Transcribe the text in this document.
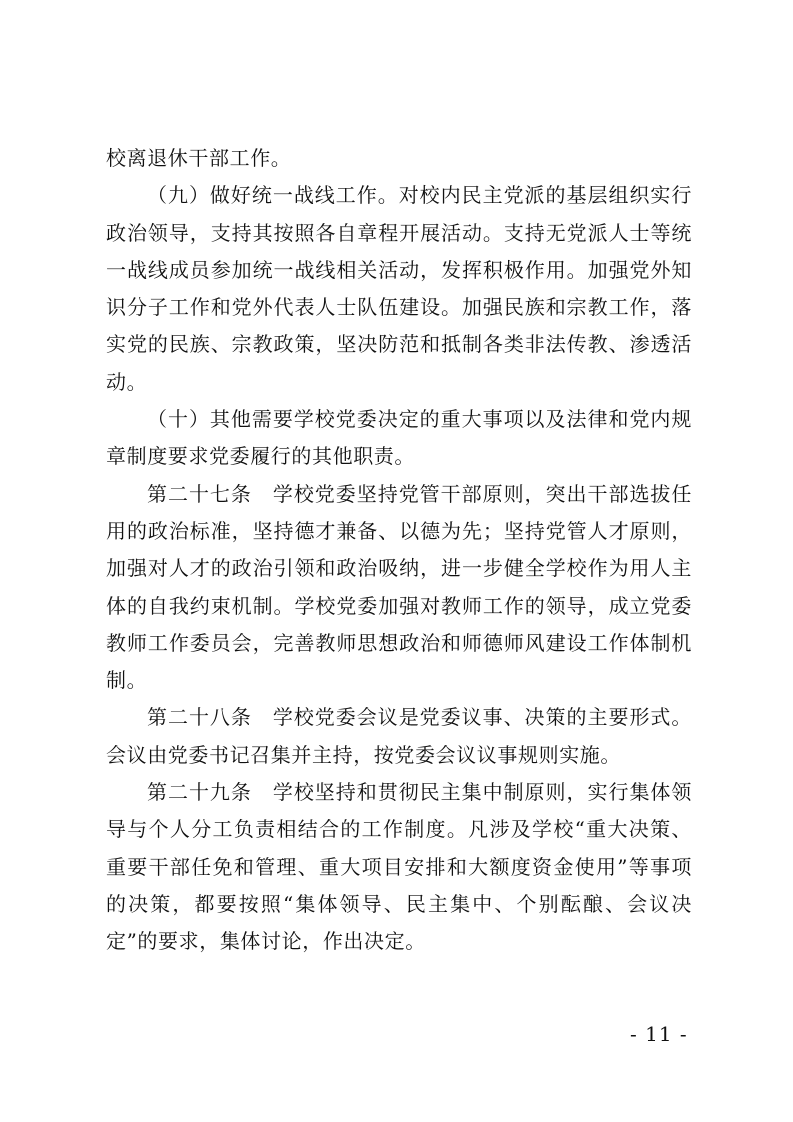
校离退休干部工作。

（九）做好统一战线工作。对校内民主党派的基层组织实行政治领导，支持其按照各自章程开展活动。支持无党派人士等统一战线成员参加统一战线相关活动，发挥积极作用。加强党外知识分子工作和党外代表人士队伍建设。加强民族和宗教工作，落实党的民族、宗教政策，坚决防范和抵制各类非法传教、渗透活动。

（十）其他需要学校党委决定的重大事项以及法律和党内规章制度要求党委履行的其他职责。

第二十七条　学校党委坚持党管干部原则，突出干部选拔任用的政治标准，坚持德才兼备、以德为先；坚持党管人才原则，加强对人才的政治引领和政治吸纳，进一步健全学校作为用人主体的自我约束机制。学校党委加强对教师工作的领导，成立党委教师工作委员会，完善教师思想政治和师德师风建设工作体制机制。

第二十八条　学校党委会议是党委议事、决策的主要形式。会议由党委书记召集并主持，按党委会议议事规则实施。

第二十九条　学校坚持和贯彻民主集中制原则，实行集体领导与个人分工负责相结合的工作制度。凡涉及学校“重大决策、重要干部任免和管理、重大项目安排和大额度资金使用”等事项的决策，都要按照“集体领导、民主集中、个别酝酿、会议决定”的要求，集体讨论，作出决定。

- 11 -
